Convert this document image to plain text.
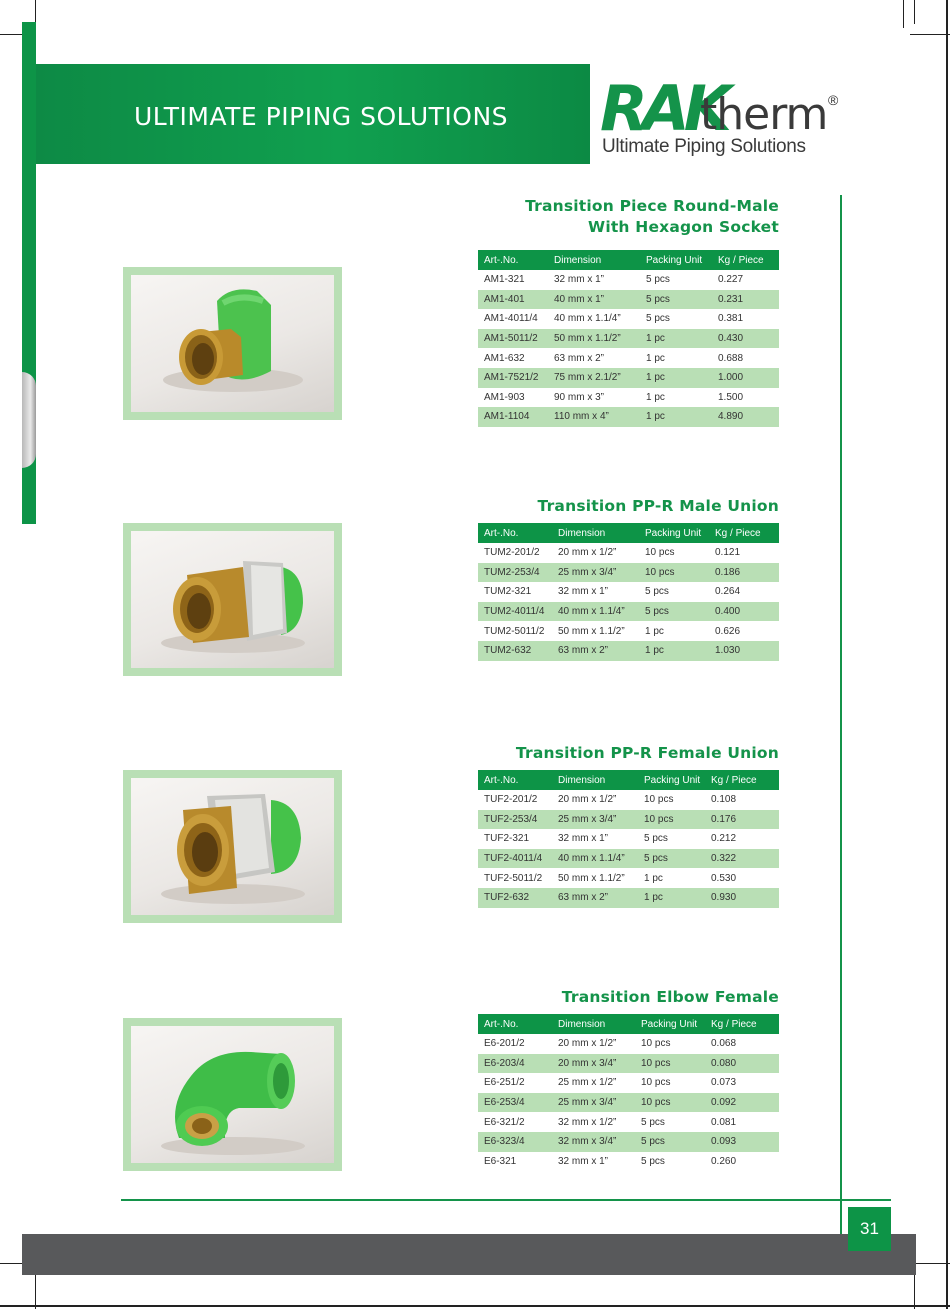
ULTIMATE PIPING SOLUTIONS RAK
therm ®
Ultimate Piping Solutions
Transition Piece Round-Male
With Hexagon Socket
Art-.No.	Dimension	Packing Unit	Kg / Piece
AM1-321	32 mm x 1”	5 pcs	0.227
AM1-401	40 mm x 1”	5 pcs	0.231
AM1-4011/4	40 mm x 1.1/4”	5 pcs	0.381
AM1-5011/2	50 mm x 1.1/2”	1 pc	0.430
AM1-632	63 mm x 2”	1 pc	0.688
AM1-7521/2	75 mm x 2.1/2”	1 pc	1.000
AM1-903	90 mm x 3”	1 pc	1.500
AM1-1104	110 mm x 4”	1 pc	4.890
Transition PP-R Male Union
Art-.No.	Dimension	Packing Unit	Kg / Piece
TUM2-201/2	20 mm x 1/2”	10 pcs	0.121
TUM2-253/4	25 mm x 3/4”	10 pcs	0.186
TUM2-321	32 mm x 1”	5 pcs	0.264
TUM2-4011/4	40 mm x 1.1/4”	5 pcs	0.400
TUM2-5011/2	50 mm x 1.1/2”	1 pc	0.626
TUM2-632	63 mm x 2”	1 pc	1.030
Transition PP-R Female Union
Art-.No.	Dimension	Packing Unit	Kg / Piece
TUF2-201/2	20 mm x 1/2”	10 pcs	0.108
TUF2-253/4	25 mm x 3/4”	10 pcs	0.176
TUF2-321	32 mm x 1”	5 pcs	0.212
TUF2-4011/4	40 mm x 1.1/4”	5 pcs	0.322
TUF2-5011/2	50 mm x 1.1/2”	1 pc	0.530
TUF2-632	63 mm x 2”	1 pc	0.930
Transition Elbow Female
Art-.No.	Dimension	Packing Unit	Kg / Piece
E6-201/2	20 mm x 1/2”	10 pcs	0.068
E6-203/4	20 mm x 3/4”	10 pcs	0.080
E6-251/2	25 mm x 1/2”	10 pcs	0.073
E6-253/4	25 mm x 3/4”	10 pcs	0.092
E6-321/2	32 mm x 1/2”	5 pcs	0.081
E6-323/4	32 mm x 3/4”	5 pcs	0.093
E6-321	32 mm x 1”	5 pcs	0.260
31
